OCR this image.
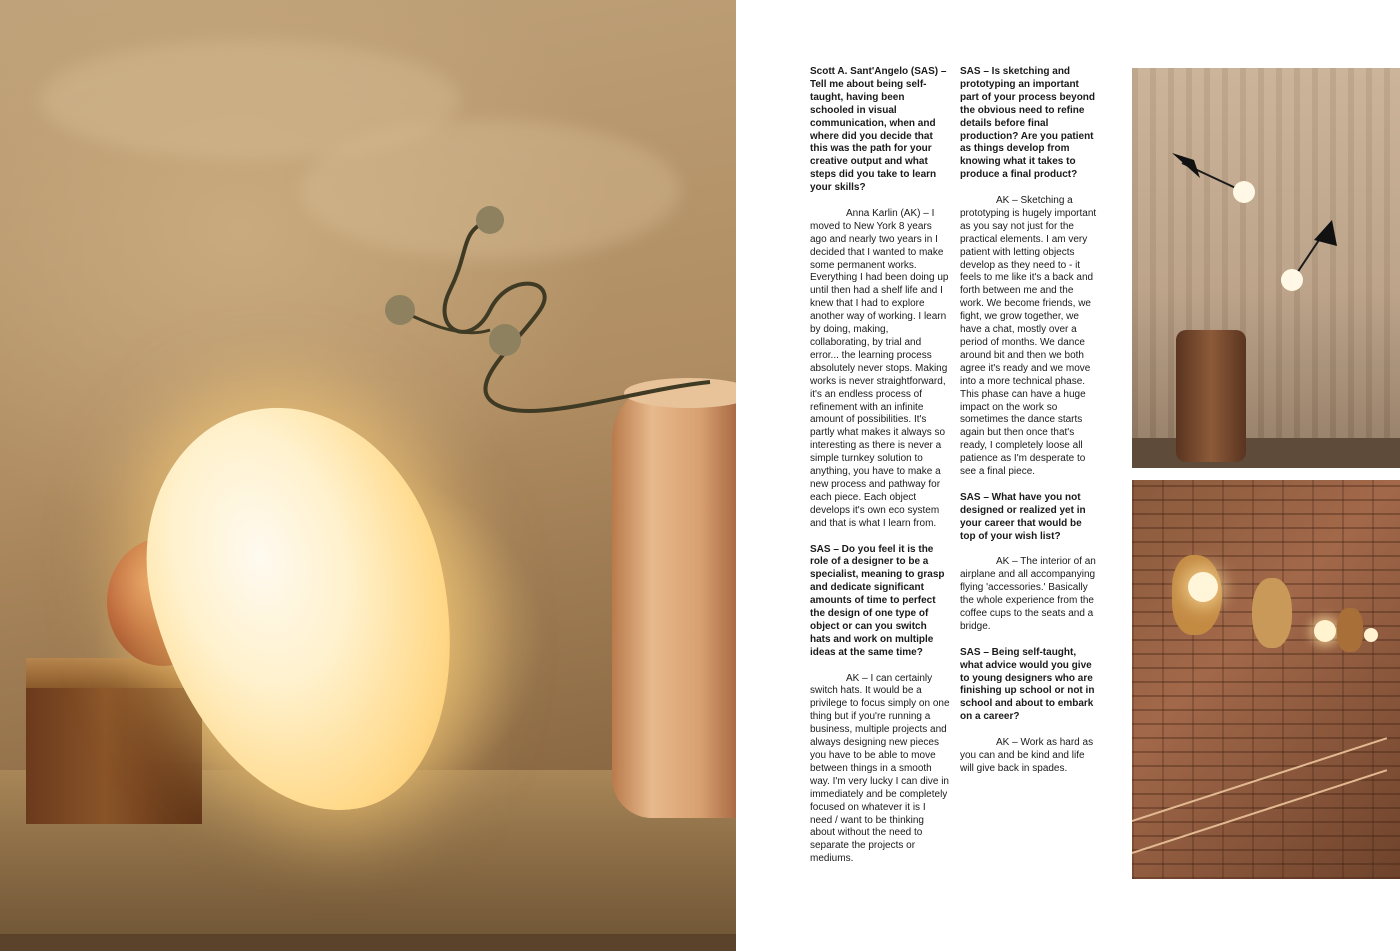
Scott A. Sant'Angelo (SAS) – Tell me about being self-taught, having been schooled in visual communication, when and where did you decide that this was the path for your creative output and what steps did you take to learn your skills?

Anna Karlin (AK) – I moved to New York 8 years ago and nearly two years in I decided that I wanted to make some permanent works. Everything I had been doing up until then had a shelf life and I knew that I had to explore another way of working. I learn by doing, making, collaborating, by trial and error... the learning process absolutely never stops. Making works is never straightforward, it's an endless process of refinement with an infinite amount of possibilities. It's partly what makes it always so interesting as there is never a simple turnkey solution to anything, you have to make a new process and pathway for each piece. Each object develops it's own eco system and that is what I learn from.

SAS – Do you feel it is the role of a designer to be a specialist, meaning to grasp and dedicate significant amounts of time to perfect the design of one type of object or can you switch hats and work on multiple ideas at the same time?

AK – I can certainly switch hats. It would be a privilege to focus simply on one thing but if you're running a business, multiple projects and always designing new pieces you have to be able to move between things in a smooth way. I'm very lucky I can dive in immediately and be completely focused on whatever it is I need / want to be thinking about without the need to separate the projects or mediums.

SAS – Is sketching and prototyping an important part of your process beyond the obvious need to refine details before final production? Are you patient as things develop from knowing what it takes to produce a final product?

AK – Sketching a prototyping is hugely important as you say not just for the practical elements. I am very patient with letting objects develop as they need to - it feels to me like it's a back and forth between me and the work. We become friends, we fight, we grow together, we have a chat, mostly over a period of months. We dance around bit and then we both agree it's ready and we move into a more technical phase. This phase can have a huge impact on the work so sometimes the dance starts again but then once that's ready, I completely loose all patience as I'm desperate to see a final piece.

SAS – What have you not designed or realized yet in your career that would be top of your wish list?

AK – The interior of an airplane and all accompanying flying 'accessories.' Basically the whole experience from the coffee cups to the seats and a bridge.

SAS – Being self-taught, what advice would you give to young designers who are finishing up school or not in school and about to embark on a career?

AK – Work as hard as you can and be kind and life will give back in spades.
